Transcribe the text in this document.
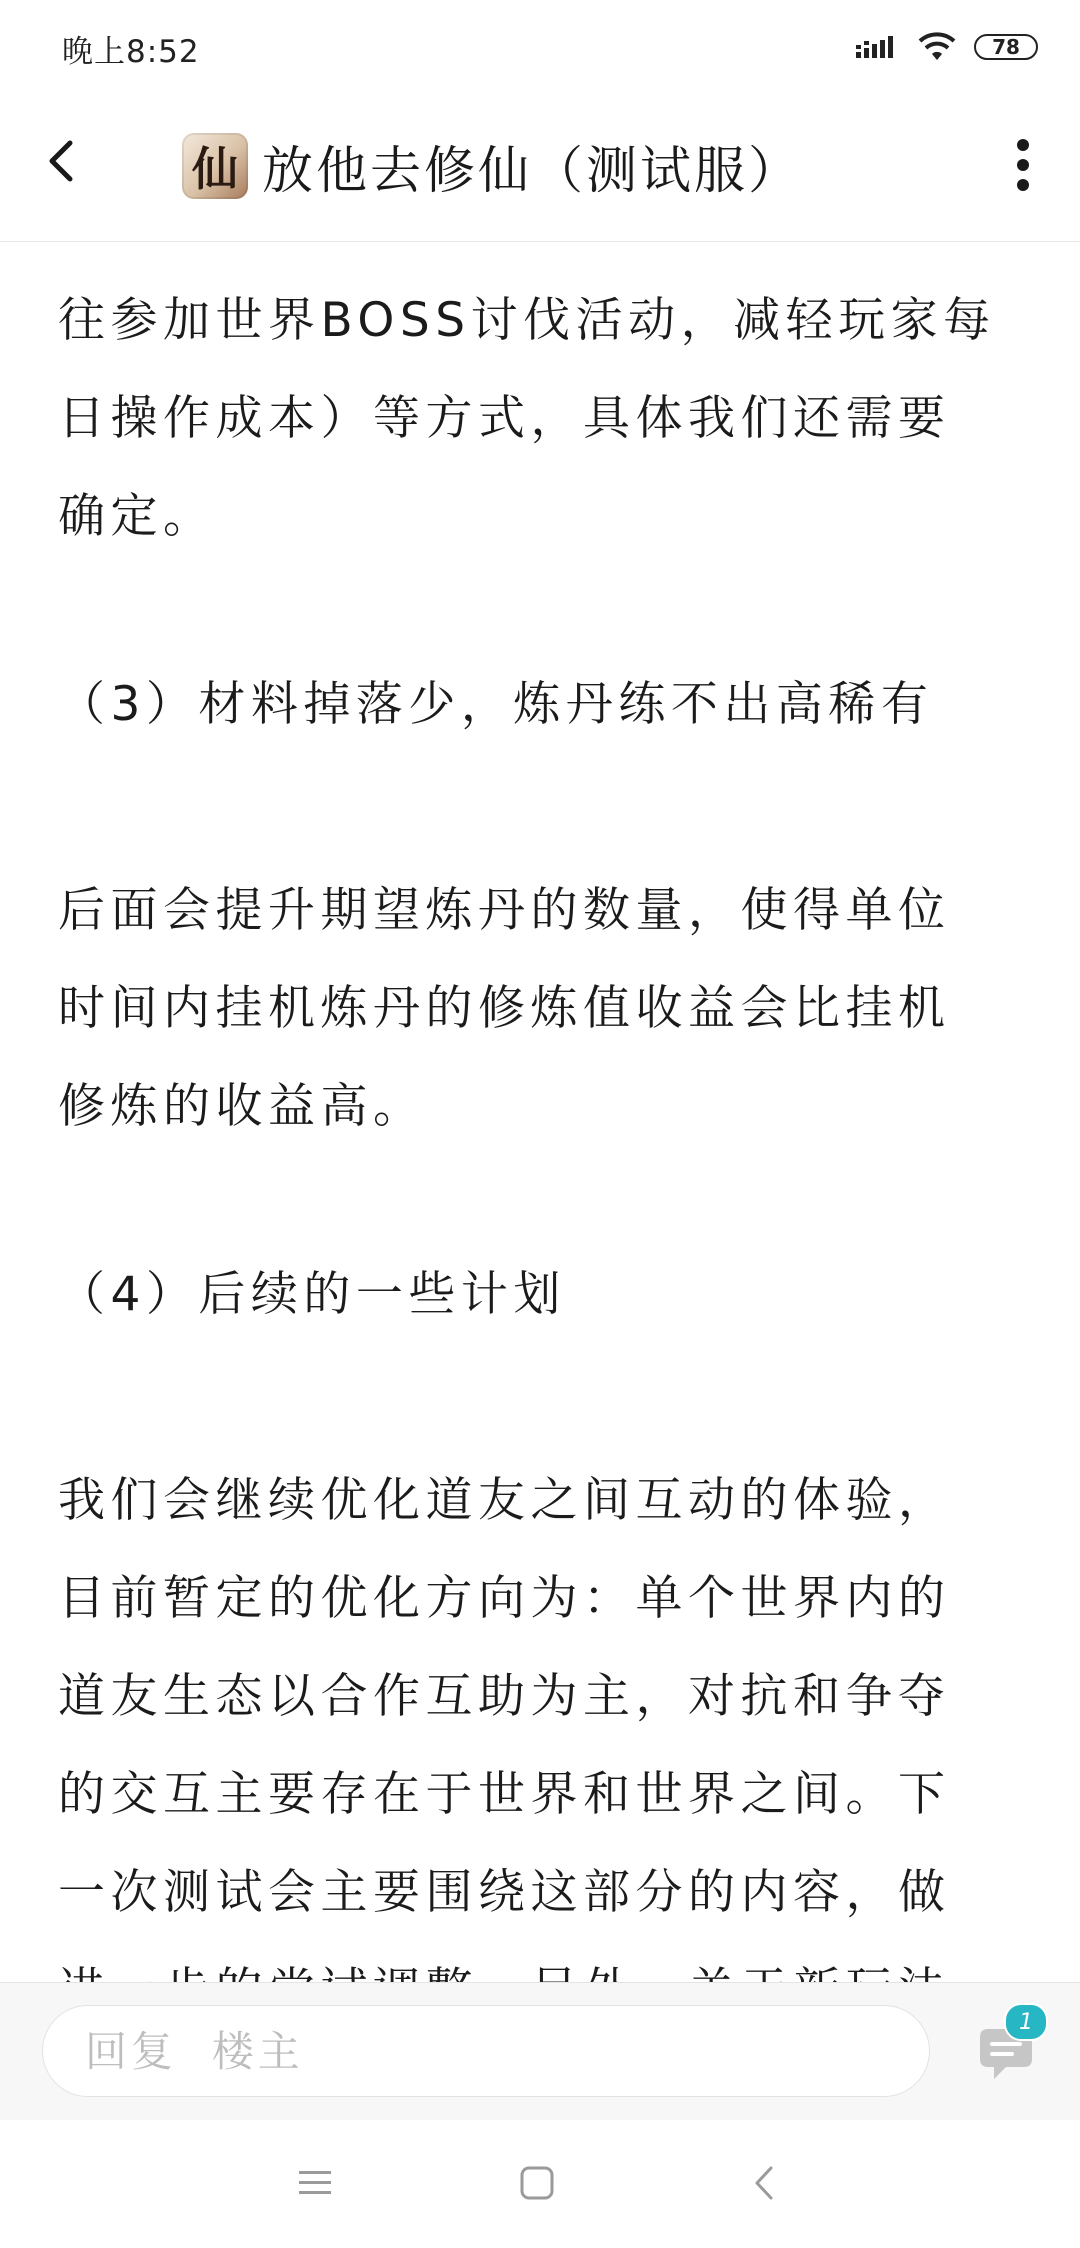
晚上8:52	78
仙 放他去修仙（测试服）

往参加世界BOSS讨伐活动，减轻玩家每日操作成本）等方式，具体我们还需要确定。

（3）材料掉落少，炼丹练不出高稀有

后面会提升期望炼丹的数量，使得单位时间内挂机炼丹的修炼值收益会比挂机修炼的收益高。

（4）后续的一些计划

我们会继续优化道友之间互动的体验，目前暂定的优化方向为：单个世界内的道友生态以合作互助为主，对抗和争夺的交互主要存在于世界和世界之间。下一次测试会主要围绕这部分的内容，做

回复 楼主
1
